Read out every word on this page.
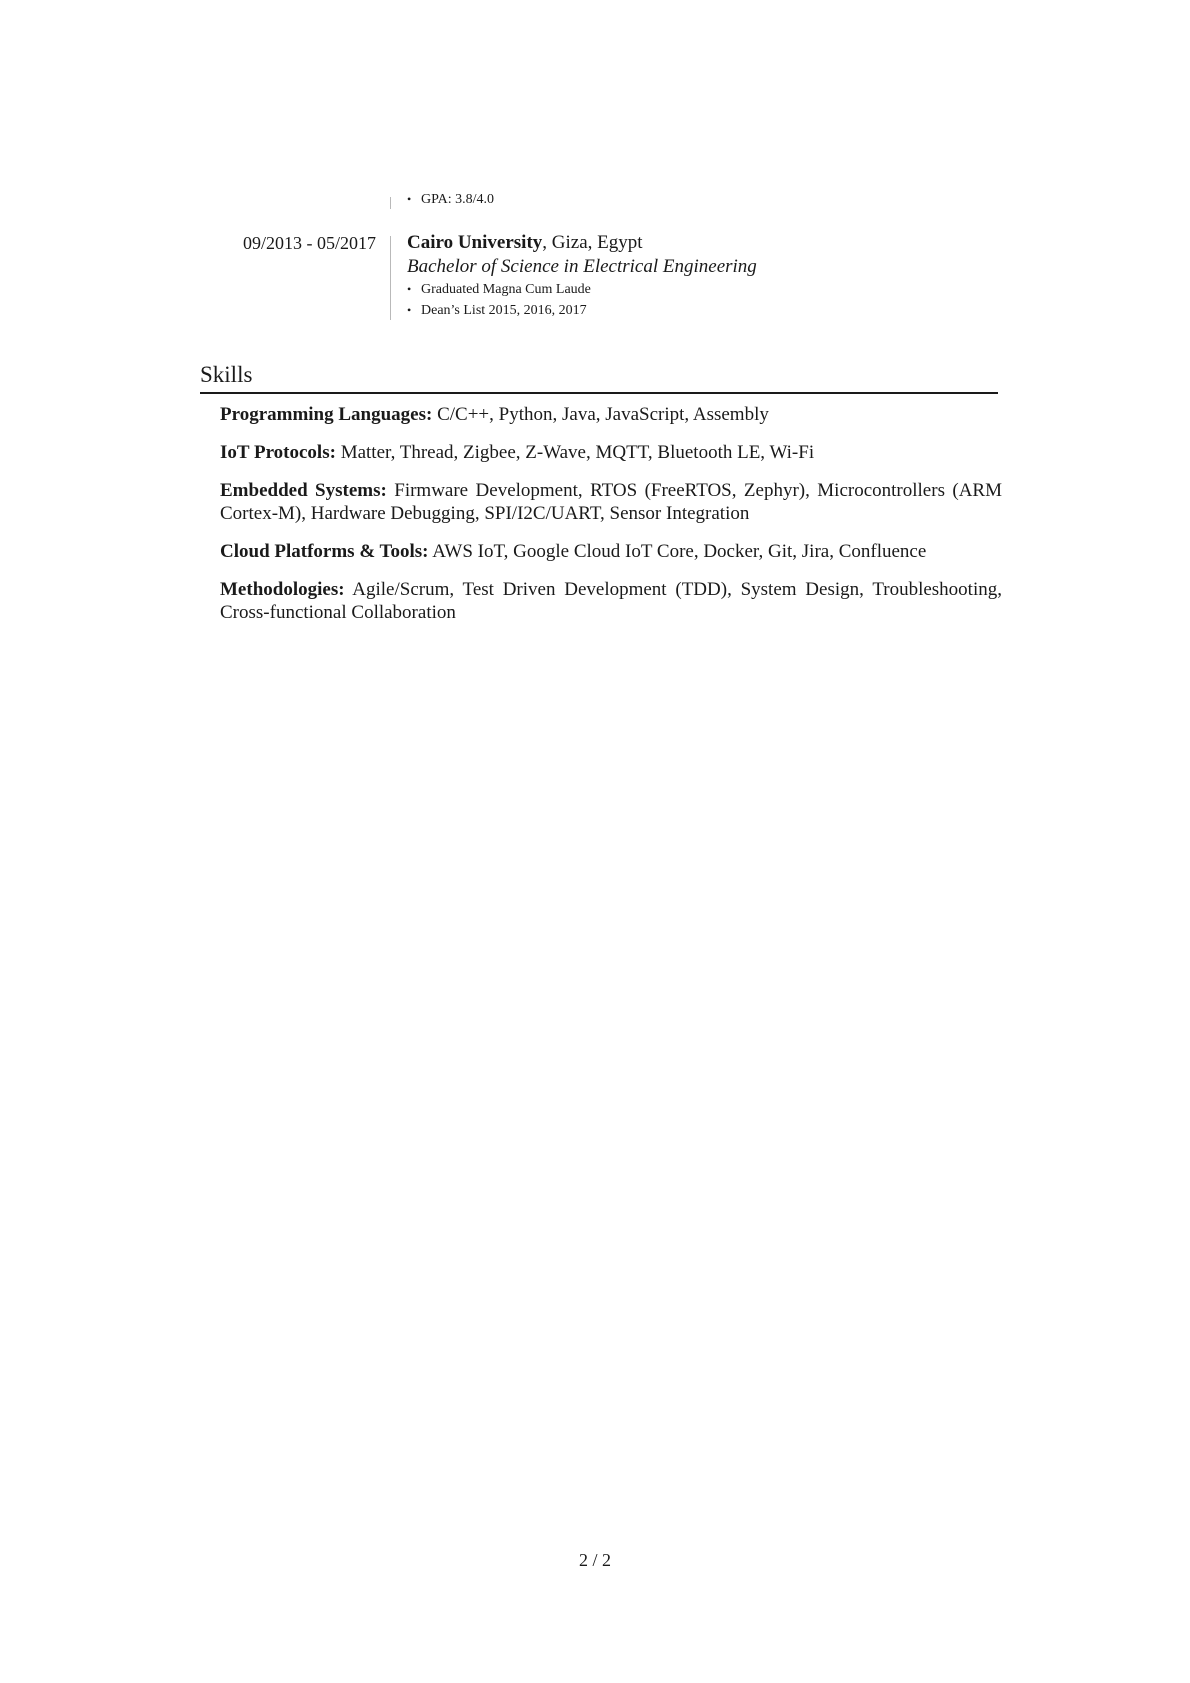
• GPA: 3.8/4.0
09/2013 - 05/2017 Cairo University, Giza, Egypt
Bachelor of Science in Electrical Engineering
• Graduated Magna Cum Laude
• Dean’s List 2015, 2016, 2017
Skills
Programming Languages: C/C++, Python, Java, JavaScript, Assembly
IoT Protocols: Matter, Thread, Zigbee, Z-Wave, MQTT, Bluetooth LE, Wi-Fi
Embedded Systems: Firmware Development, RTOS (FreeRTOS, Zephyr), Microcontrollers (ARM Cortex-M), Hardware Debugging, SPI/I2C/UART, Sensor Integration
Cloud Platforms & Tools: AWS IoT, Google Cloud IoT Core, Docker, Git, Jira, Confluence
Methodologies: Agile/Scrum, Test Driven Development (TDD), System Design, Troubleshooting, Cross-functional Collaboration
2 / 2
